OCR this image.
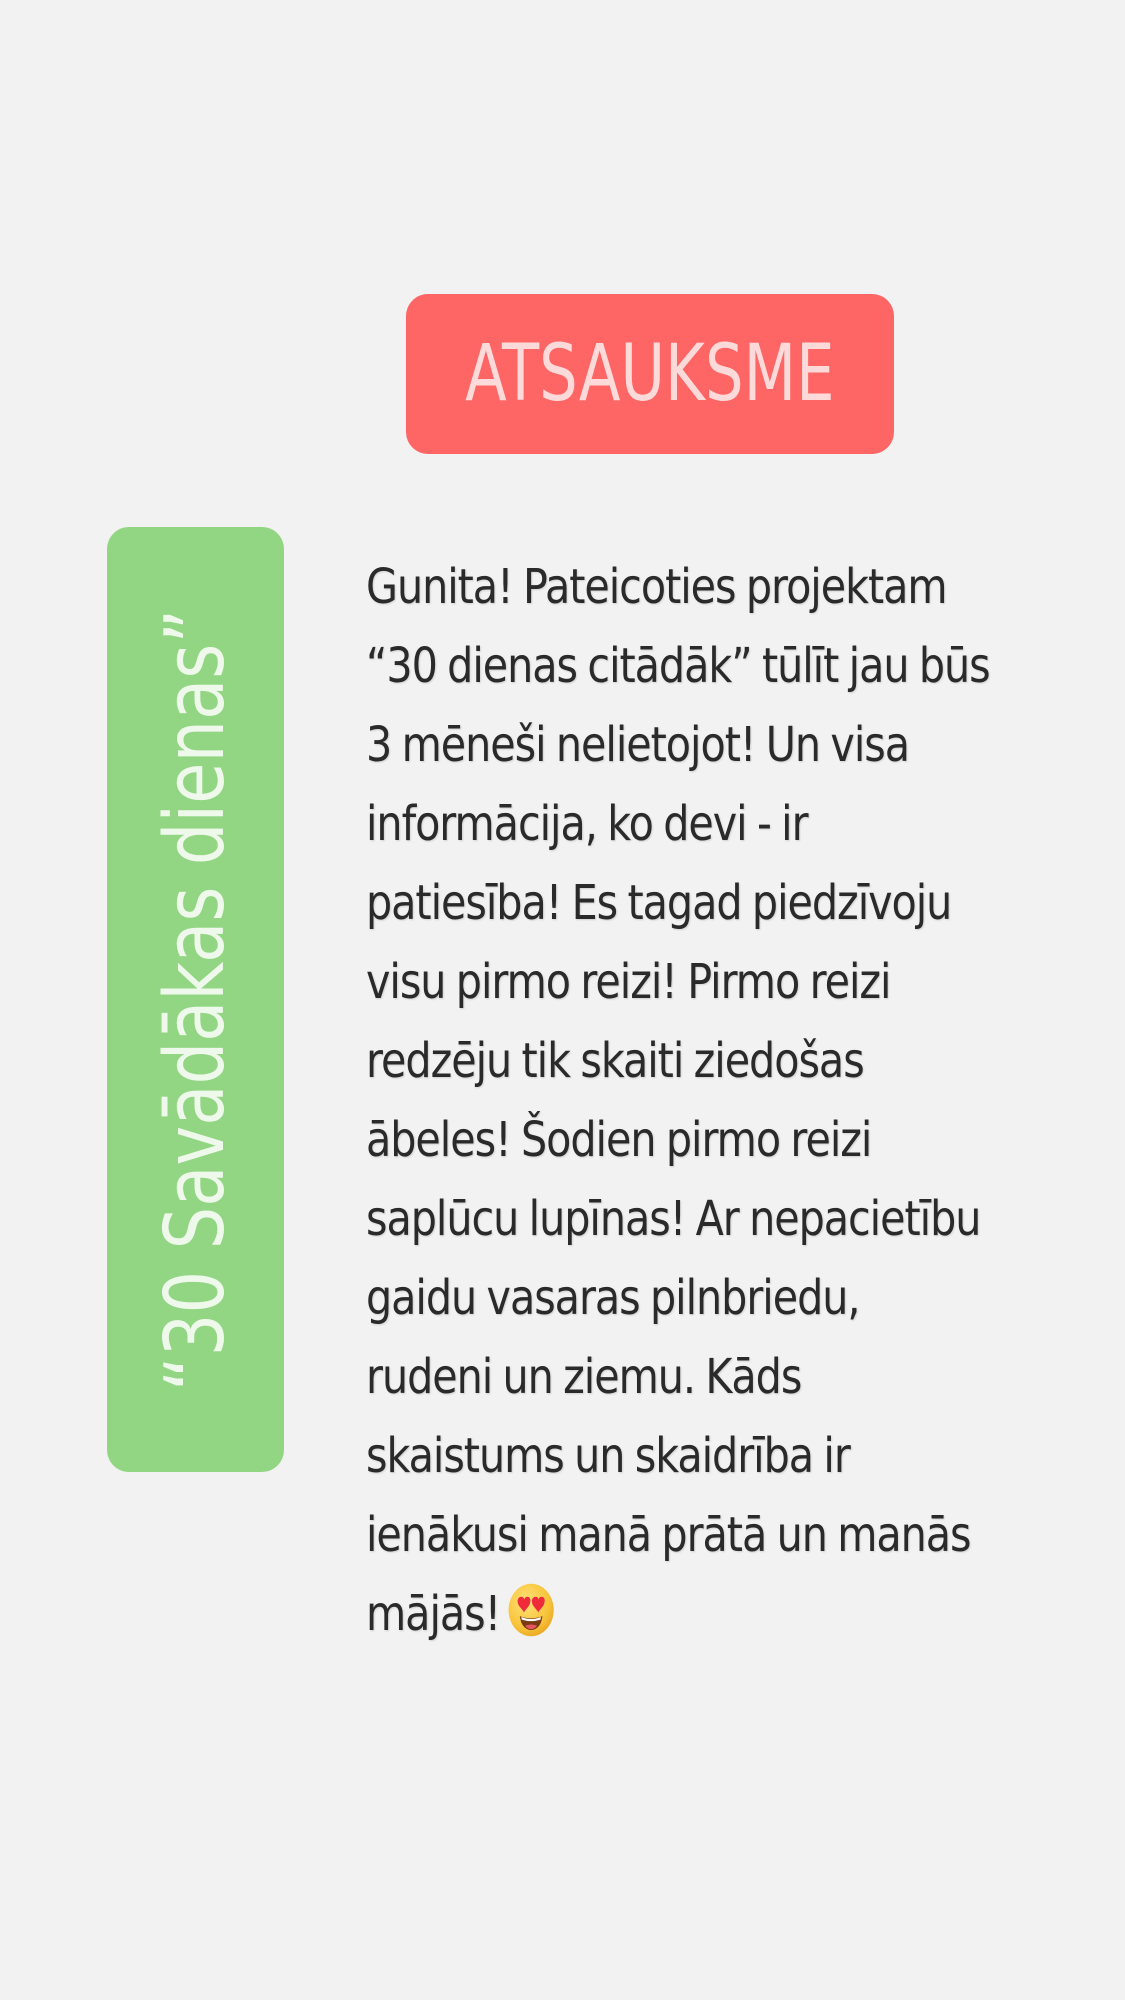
ATSAUKSME
“30 Savādākas dienas”
Gunita! Pateicoties projektam
“30 dienas citādāk” tūlīt jau būs
3 mēneši nelietojot! Un visa
informācija, ko devi - ir
patiesība! Es tagad piedzīvoju
visu pirmo reizi! Pirmo reizi
redzēju tik skaiti ziedošas
ābeles! Šodien pirmo reizi
saplūcu lupīnas! Ar nepacietību
gaidu vasaras pilnbriedu,
rudeni un ziemu. Kāds
skaistums un skaidrība ir
ienākusi manā prātā un manās
mājās!
